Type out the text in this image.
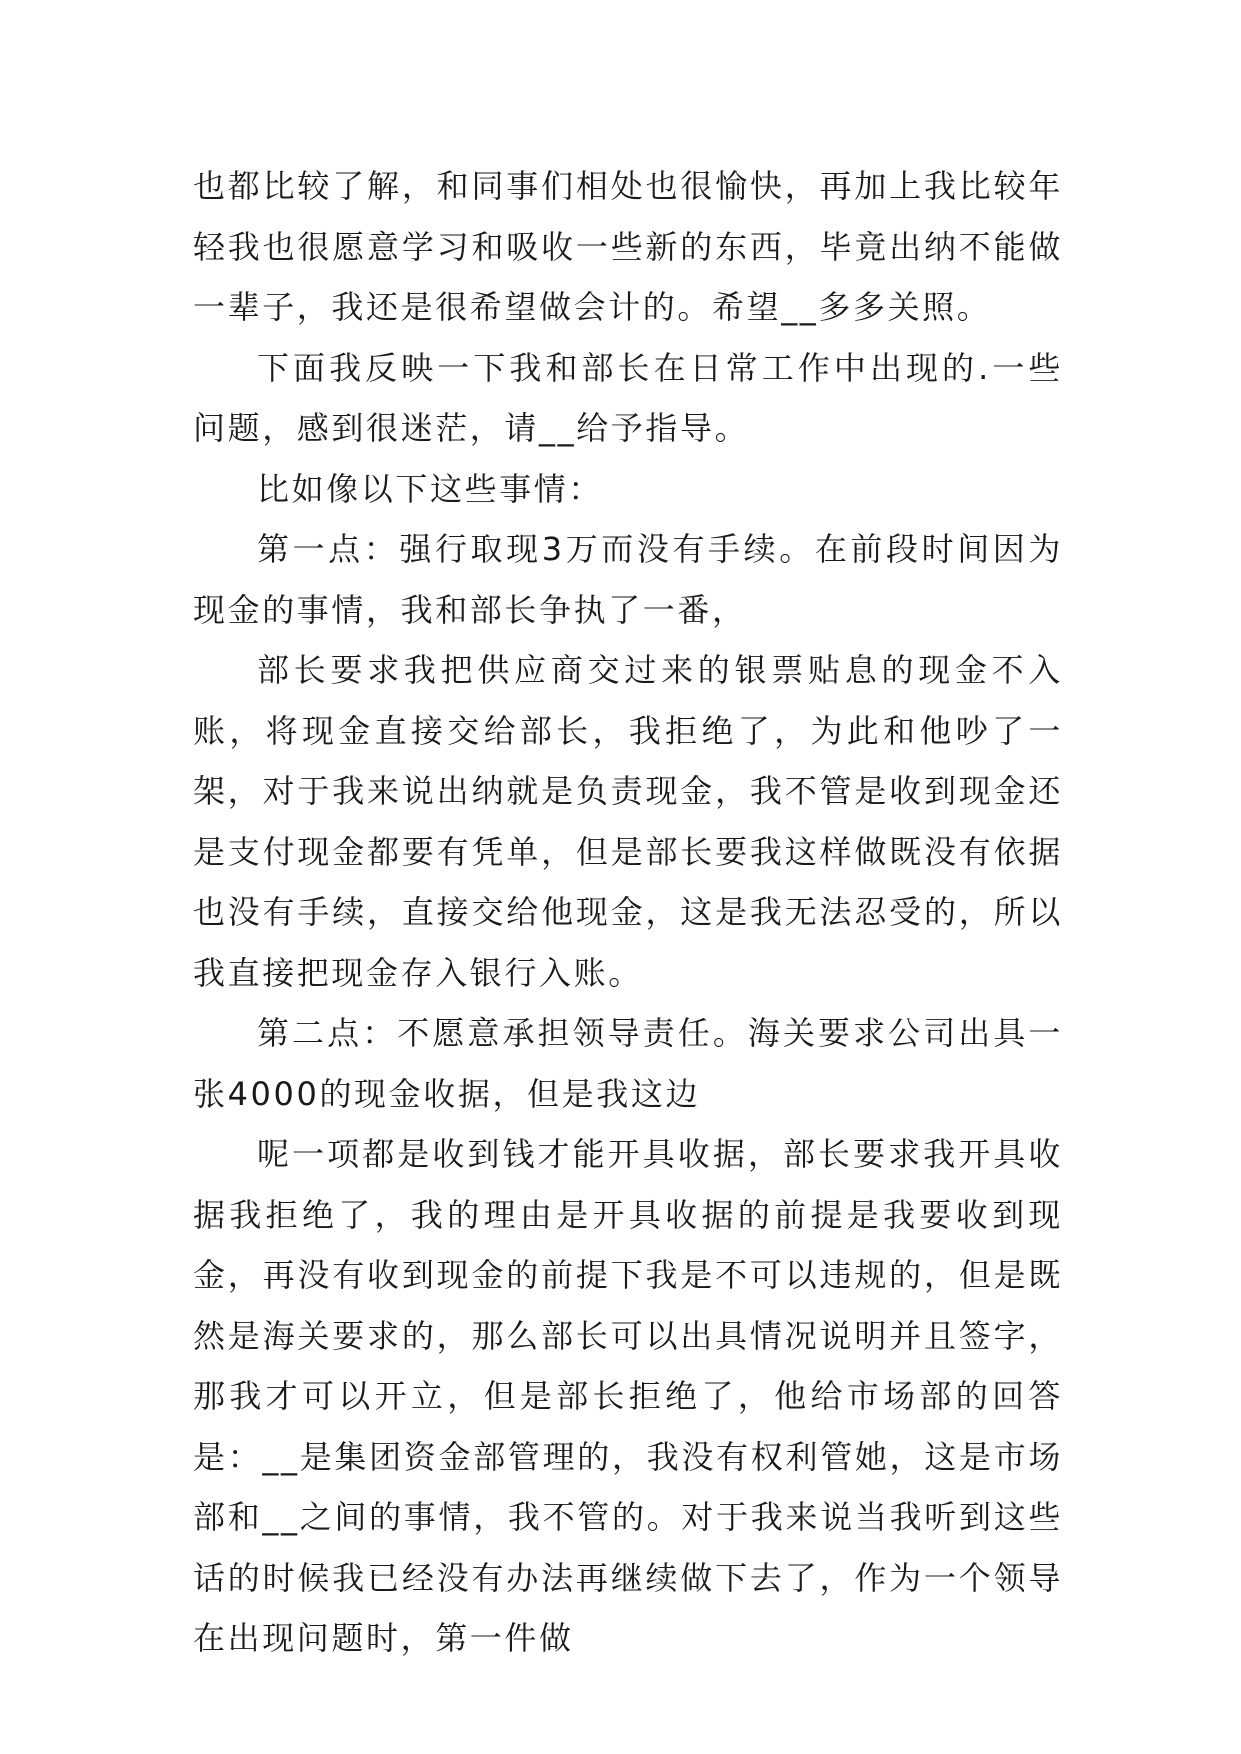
也都比较了解，和同事们相处也很愉快，再加上我比较年轻我也很愿意学习和吸收一些新的东西，毕竟出纳不能做一辈子，我还是很希望做会计的。希望__多多关照。

下面我反映一下我和部长在日常工作中出现的.一些问题，感到很迷茫，请__给予指导。

比如像以下这些事情：

第一点：强行取现3万而没有手续。在前段时间因为现金的事情，我和部长争执了一番，

部长要求我把供应商交过来的银票贴息的现金不入账，将现金直接交给部长，我拒绝了，为此和他吵了一架，对于我来说出纳就是负责现金，我不管是收到现金还是支付现金都要有凭单，但是部长要我这样做既没有依据也没有手续，直接交给他现金，这是我无法忍受的，所以我直接把现金存入银行入账。

第二点：不愿意承担领导责任。海关要求公司出具一张4000的现金收据，但是我这边

呢一项都是收到钱才能开具收据，部长要求我开具收据我拒绝了，我的理由是开具收据的前提是我要收到现金，再没有收到现金的前提下我是不可以违规的，但是既然是海关要求的，那么部长可以出具情况说明并且签字，那我才可以开立，但是部长拒绝了，他给市场部的回答是：__是集团资金部管理的，我没有权利管她，这是市场部和__之间的事情，我不管的。对于我来说当我听到这些话的时候我已经没有办法再继续做下去了，作为一个领导在出现问题时，第一件做
